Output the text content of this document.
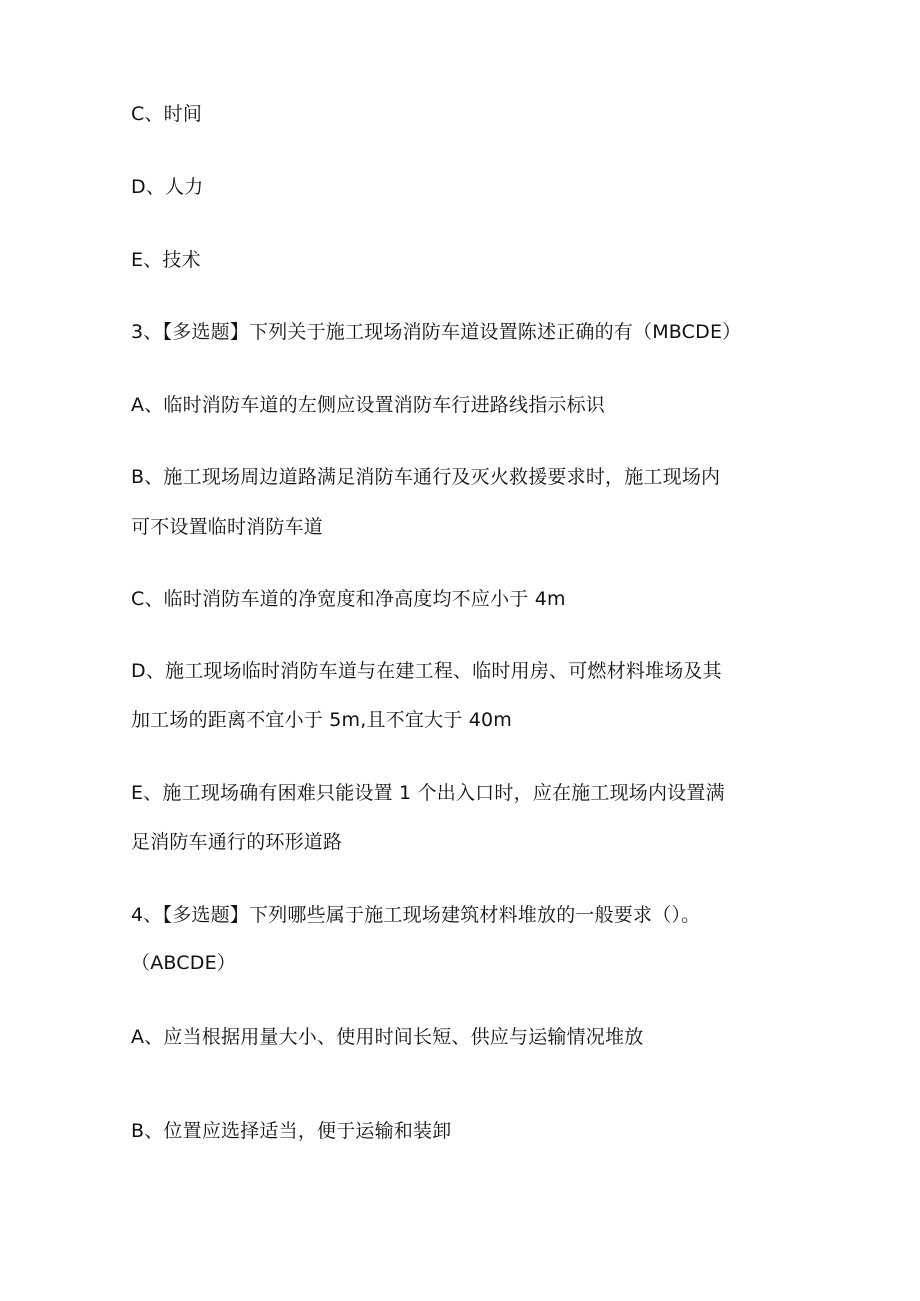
C、时间
D、人力
E、技术
3、【多选题】下列关于施工现场消防车道设置陈述正确的有（MBCDE）
A、临时消防车道的左侧应设置消防车行进路线指示标识
B、施工现场周边道路满足消防车通行及灭火救援要求时，施工现场内
可不设置临时消防车道
C、临时消防车道的净宽度和净高度均不应小于 4m
D、施工现场临时消防车道与在建工程、临时用房、可燃材料堆场及其
加工场的距离不宜小于 5m,且不宜大于 40m
E、施工现场确有困难只能设置 1 个出入口时，应在施工现场内设置满
足消防车通行的环形道路
4、【多选题】下列哪些属于施工现场建筑材料堆放的一般要求（）。
（ABCDE）
A、应当根据用量大小、使用时间长短、供应与运输情况堆放
B、位置应选择适当，便于运输和装卸
